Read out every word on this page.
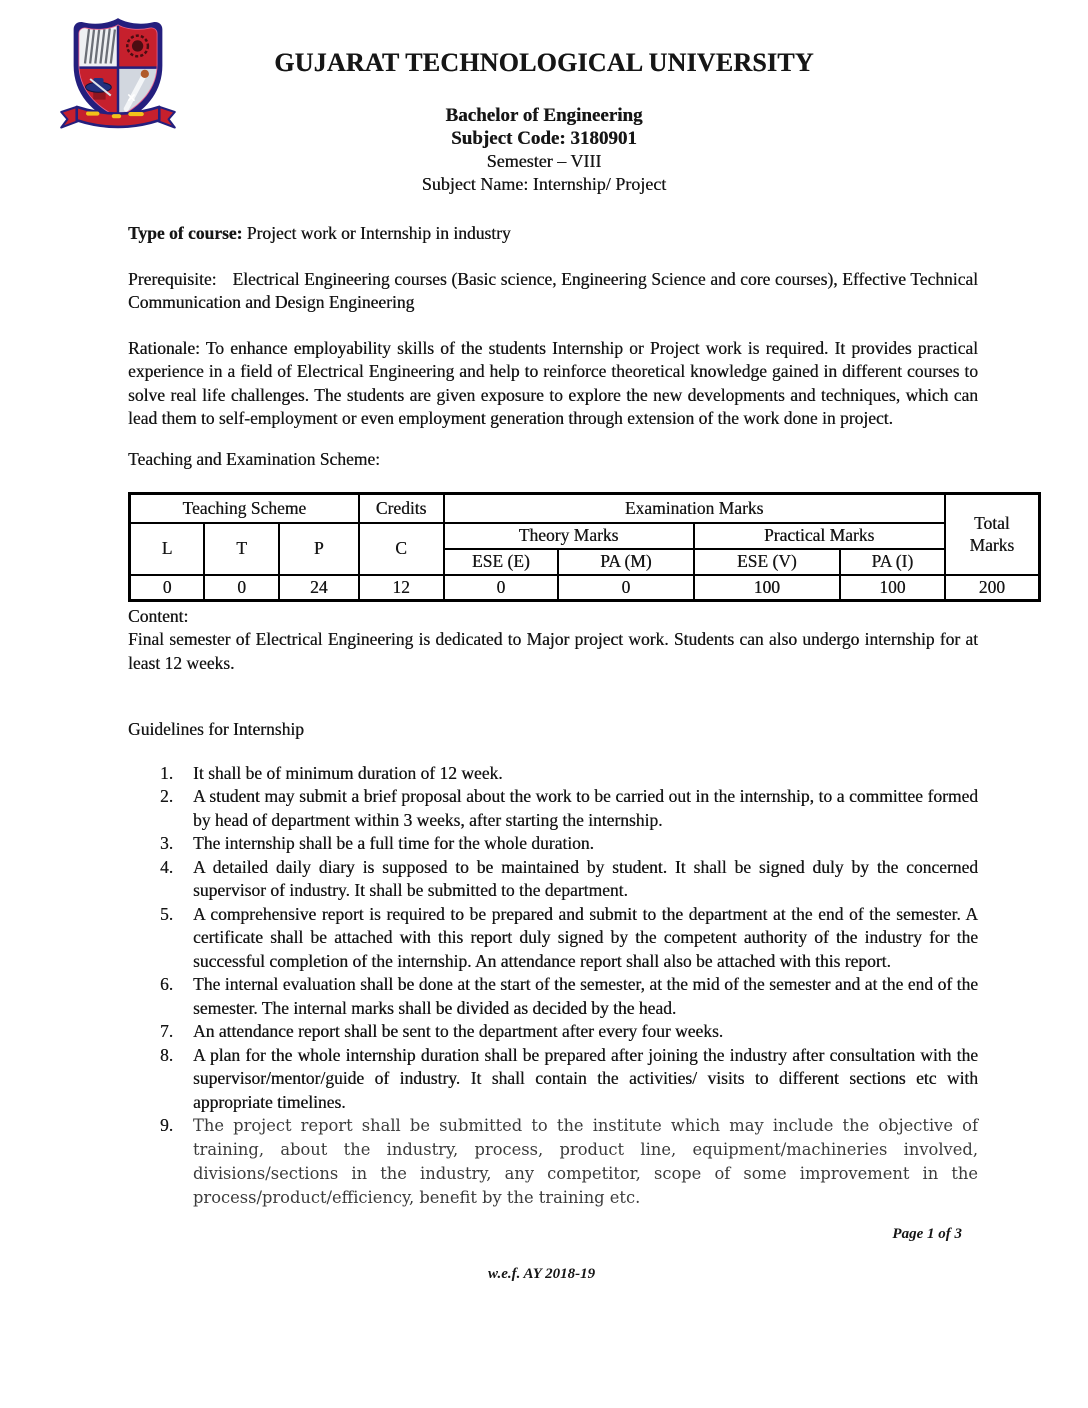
GUJARAT TECHNOLOGICAL UNIVERSITY
Bachelor of Engineering
Subject Code: 3180901
Semester – VIII
Subject Name: Internship/ Project

Type of course: Project work or Internship in industry

Prerequisite: Electrical Engineering courses (Basic science, Engineering Science and core courses), Effective Technical Communication and Design Engineering

Rationale: To enhance employability skills of the students Internship or Project work is required. It provides practical experience in a field of Electrical Engineering and help to reinforce theoretical knowledge gained in different courses to solve real life challenges. The students are given exposure to explore the new developments and techniques, which can lead them to self-employment or even employment generation through extension of the work done in project.

Teaching and Examination Scheme:

Teaching Scheme			Credits	Examination Marks				Total Marks
L	T	P	C	Theory Marks		Practical Marks		
				ESE (E)	PA (M)	ESE (V)	PA (I)	
0	0	24	12	0	0	100	100	200
Content:
Final semester of Electrical Engineering is dedicated to Major project work. Students can also undergo internship for at least 12 weeks.

Guidelines for Internship

1.	It shall be of minimum duration of 12 week.
2.	A student may submit a brief proposal about the work to be carried out in the internship, to a committee formed by head of department within 3 weeks, after starting the internship.
3.	The internship shall be a full time for the whole duration.
4.	A detailed daily diary is supposed to be maintained by student. It shall be signed duly by the concerned supervisor of industry. It shall be submitted to the department.
5.	A comprehensive report is required to be prepared and submit to the department at the end of the semester. A certificate shall be attached with this report duly signed by the competent authority of the industry for the successful completion of the internship. An attendance report shall also be attached with this report.
6.	The internal evaluation shall be done at the start of the semester, at the mid of the semester and at the end of the semester. The internal marks shall be divided as decided by the head.
7.	An attendance report shall be sent to the department after every four weeks.
8.	A plan for the whole internship duration shall be prepared after joining the industry after consultation with the supervisor/mentor/guide of industry. It shall contain the activities/ visits to different sections etc with appropriate timelines.
9.	The project report shall be submitted to the institute which may include the objective of training, about the industry, process, product line, equipment/machineries involved, divisions/sections in the industry, any competitor, scope of some improvement in the process/product/efficiency, benefit by the training etc.
Page 1 of 3
w.e.f. AY 2018-19
